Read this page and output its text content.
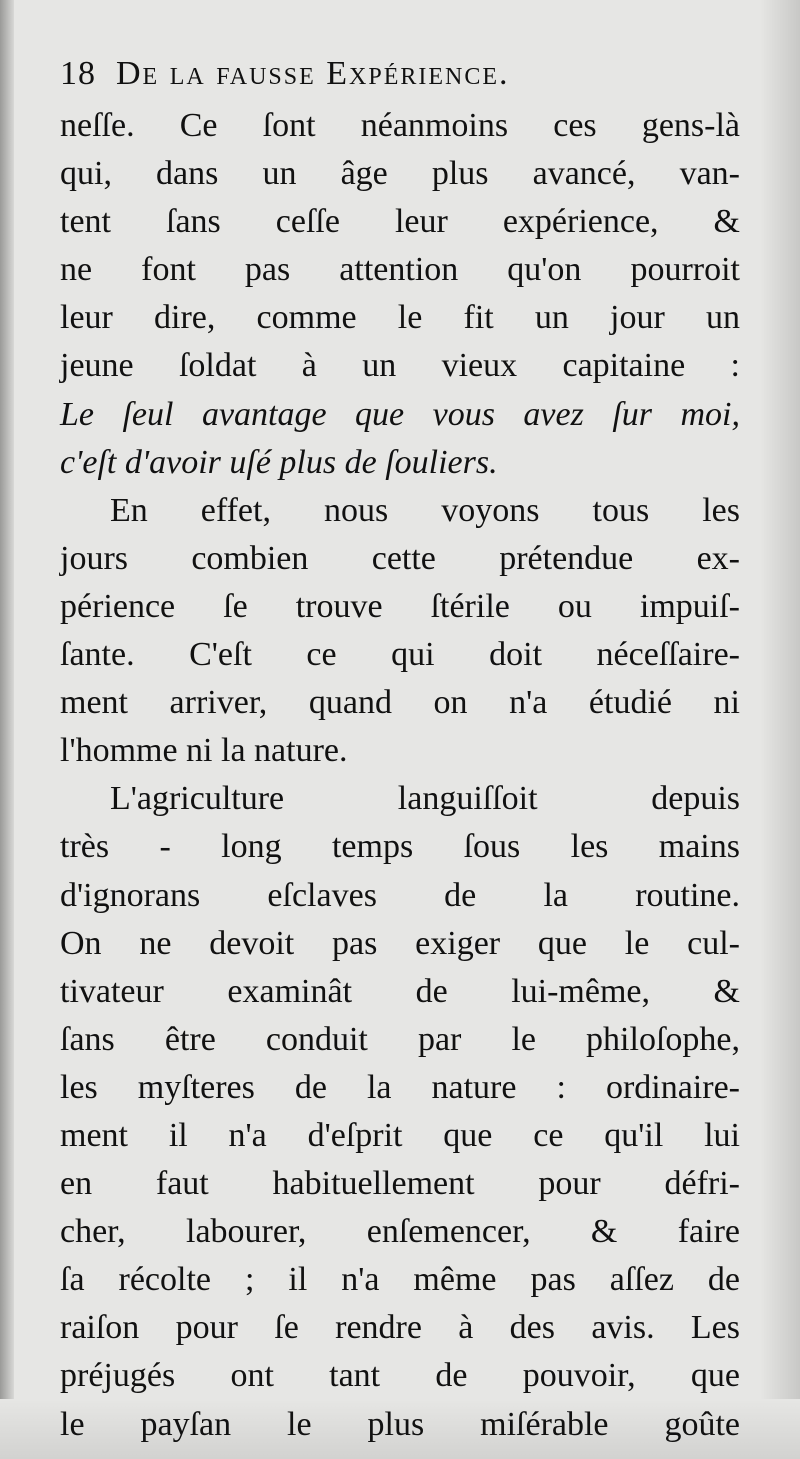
18 De la fausse Expérience.
neſſe. Ce ſont néanmoins ces gens-là
qui, dans un âge plus avancé, van-
tent ſans ceſſe leur expérience, &
ne font pas attention qu'on pourroit
leur dire, comme le fit un jour un
jeune ſoldat à un vieux capitaine :
Le ſeul avantage que vous avez ſur moi,
c'eſt d'avoir uſé plus de ſouliers.
En effet, nous voyons tous les
jours combien cette prétendue ex-
périence ſe trouve ſtérile ou impuiſ-
ſante. C'eſt ce qui doit néceſſaire-
ment arriver, quand on n'a étudié ni
l'homme ni la nature.
L'agriculture languiſſoit depuis
très - long temps ſous les mains
d'ignorans eſclaves de la routine.
On ne devoit pas exiger que le cul-
tivateur examinât de lui-même, &
ſans être conduit par le philoſophe,
les myſteres de la nature : ordinaire-
ment il n'a d'eſprit que ce qu'il lui
en faut habituellement pour défri-
cher, labourer, enſemencer, & faire
ſa récolte ; il n'a même pas aſſez de
raiſon pour ſe rendre à des avis. Les
préjugés ont tant de pouvoir, que
le payſan le plus miſérable goûte
